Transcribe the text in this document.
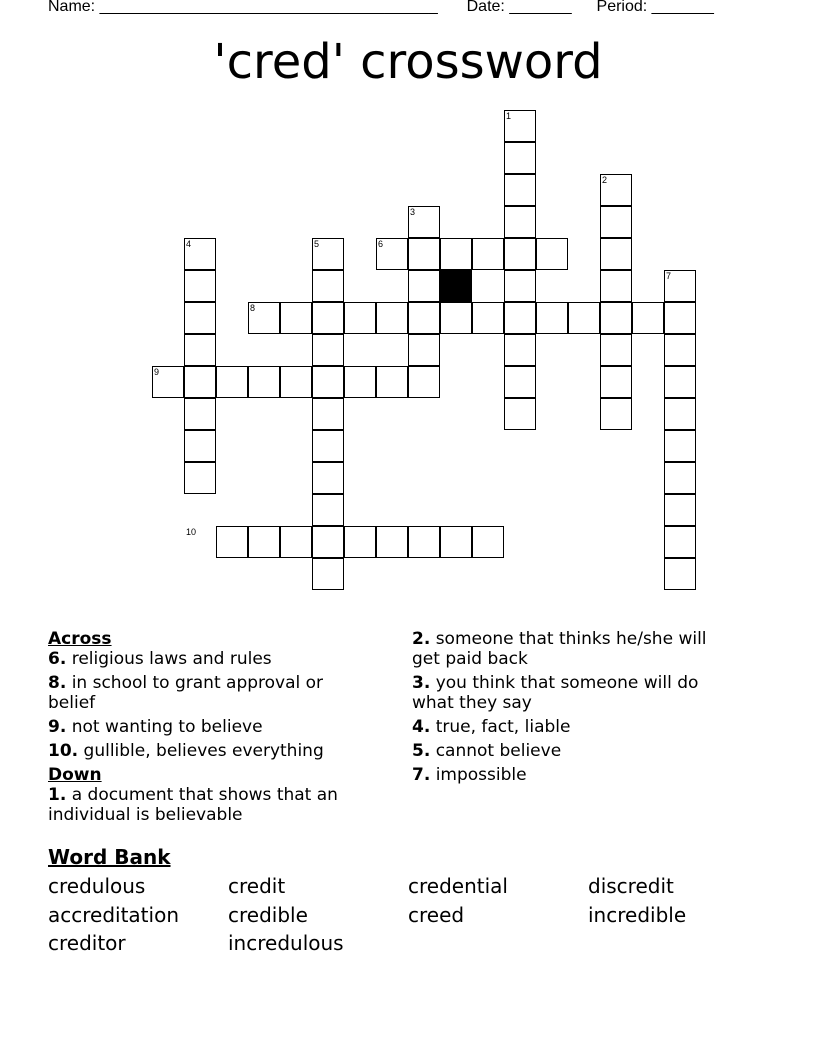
Name: ______________________________________ Date: _______ Period: _______
'cred' crossword
1
2
3
4	5	6
7
8
9
10
Across
6. religious laws and rules
8. in school to grant approval or belief
9. not wanting to believe
10. gullible, believes everything
Down
1. a document that shows that an individual is believable
2. someone that thinks he/she will get paid back
3. you think that someone will do what they say
4. true, fact, liable
5. cannot believe
7. impossible
Word Bank
credulous	credit	credential	discredit
accreditation credible	creed	incredible
creditor	incredulous
